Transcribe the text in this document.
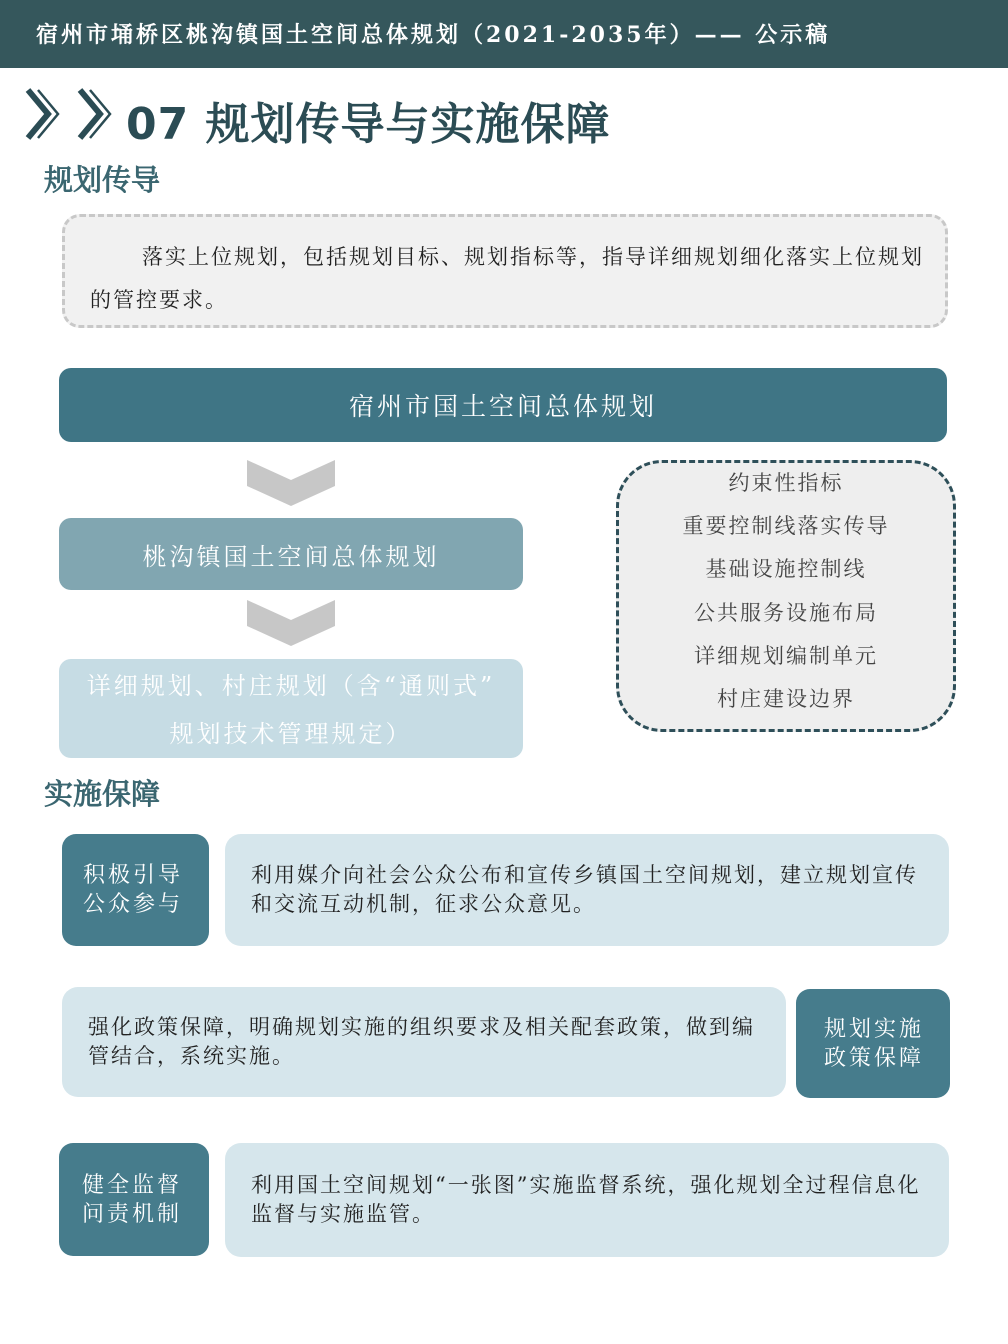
宿州市埇桥区桃沟镇国土空间总体规划（2021-2035年）—— 公示稿
07 规划传导与实施保障
规划传导
落实上位规划，包括规划目标、规划指标等，指导详细规划细化落实上位规划的管控要求。
宿州市国土空间总体规划
桃沟镇国土空间总体规划
详细规划、村庄规划（含“通则式”
规划技术管理规定）
约束性指标
重要控制线落实传导
基础设施控制线
公共服务设施布局
详细规划编制单元
村庄建设边界
实施保障
积极引导
公众参与
利用媒介向社会公众公布和宣传乡镇国土空间规划，建立规划宣传和交流互动机制，征求公众意见。
强化政策保障，明确规划实施的组织要求及相关配套政策，做到编管结合，系统实施。
规划实施
政策保障
健全监督
问责机制
利用国土空间规划“一张图”实施监督系统，强化规划全过程信息化监督与实施监管。
